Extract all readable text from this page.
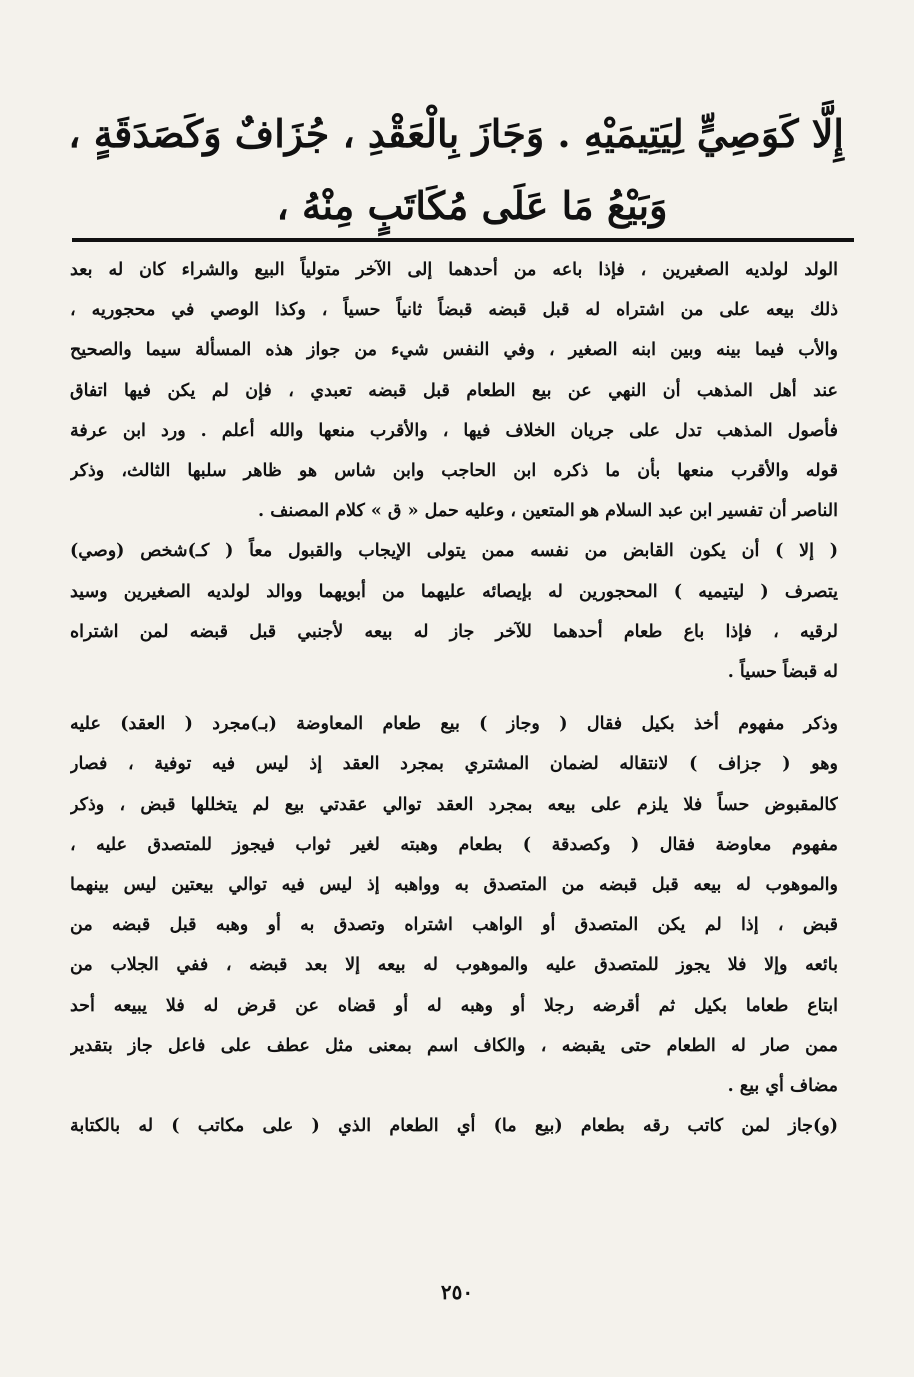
إِلَّا كَوَصِيٍّ لِيَتِيمَيْهِ . وَجَازَ بِالْعَقْدِ ، جُزَافٌ وَكَصَدَقَةٍ ،
وَبَيْعُ مَا عَلَى مُكَاتَبٍ مِنْهُ ،
الولد لولديه الصغيرين ، فإذا باعه من أحدهما إلى الآخر متولياً البيع والشراء كان له بعد
ذلك بيعه على من اشتراه له قبل قبضه قبضاً ثانياً حسياً ، وكذا الوصي في محجوريه ،
والأب فيما بينه وبين ابنه الصغير ، وفي النفس شيء من جواز هذه المسألة سيما والصحيح
عند أهل المذهب أن النهي عن بيع الطعام قبل قبضه تعبدي ، فإن لم يكن فيها اتفاق
فأصول المذهب تدل على جريان الخلاف فيها ، والأقرب منعها والله أعلم . ورد ابن عرفة
قوله والأقرب منعها بأن ما ذكره ابن الحاجب وابن شاس هو ظاهر سلبها الثالث، وذكر
الناصر أن تفسير ابن عبد السلام هو المتعين ، وعليه حمل « ق » كلام المصنف .
( إلا ) أن يكون القابض من نفسه ممن يتولى الإيجاب والقبول معاً ( كـ)شخص (وصي)
يتصرف ( ليتيميه ) المحجورين له بإيصائه عليهما من أبويهما ووالد لولديه الصغيرين وسيد
لرقيه ، فإذا باع طعام أحدهما للآخر جاز له بيعه لأجنبي قبل قبضه لمن اشتراه
له قبضاً حسياً .
وذكر مفهوم أخذ بكيل فقال ( وجاز ) بيع طعام المعاوضة (بـ)مجرد ( العقد) عليه
وهو ( جزاف ) لانتقاله لضمان المشتري بمجرد العقد إذ ليس فيه توفية ، فصار
كالمقبوض حساً فلا يلزم على بيعه بمجرد العقد توالي عقدتي بيع لم يتخللها قبض ، وذكر
مفهوم معاوضة فقال ( وكصدقة ) بطعام وهبته لغير ثواب فيجوز للمتصدق عليه ،
والموهوب له بيعه قبل قبضه من المتصدق به وواهبه إذ ليس فيه توالي بيعتين ليس بينهما
قبض ، إذا لم يكن المتصدق أو الواهب اشتراه وتصدق به أو وهبه قبل قبضه من
بائعه وإلا فلا يجوز للمتصدق عليه والموهوب له بيعه إلا بعد قبضه ، ففي الجلاب من
ابتاع طعاما بكيل ثم أقرضه رجلا أو وهبه له أو قضاه عن قرض له فلا يبيعه أحد
ممن صار له الطعام حتى يقبضه ، والكاف اسم بمعنى مثل عطف على فاعل جاز بتقدير
مضاف أي بيع .
(و)جاز لمن كاتب رقه بطعام (بيع ما) أي الطعام الذي ( على مكاتب ) له بالكتابة
٢٥٠
